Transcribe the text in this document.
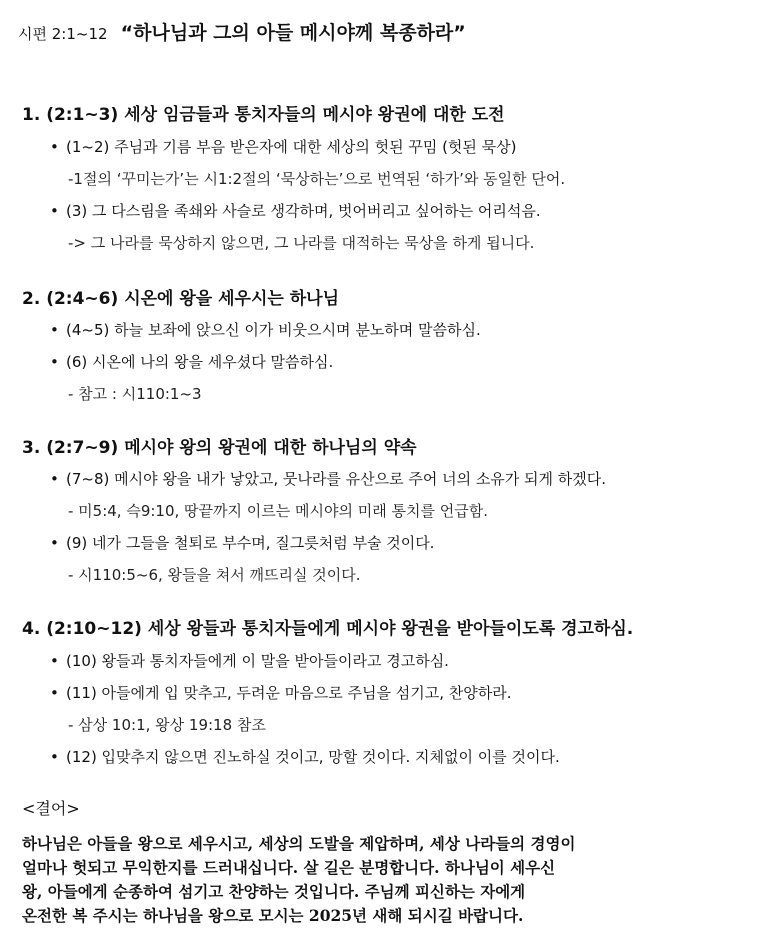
시편 2:1~12 “하나님과 그의 아들 메시야께 복종하라”
1. (2:1~3) 세상 임금들과 통치자들의 메시야 왕권에 대한 도전
• (1~2) 주님과 기름 부음 받은자에 대한 세상의 헛된 꾸밈 (헛된 묵상)
-1절의 ‘꾸미는가’는 시1:2절의 ‘묵상하는’으로 번역된 ‘하가’와 동일한 단어.
• (3) 그 다스림을 족쇄와 사슬로 생각하며, 벗어버리고 싶어하는 어리석음.
-> 그 나라를 묵상하지 않으면, 그 나라를 대적하는 묵상을 하게 됩니다.
2. (2:4~6) 시온에 왕을 세우시는 하나님
• (4~5) 하늘 보좌에 앉으신 이가 비웃으시며 분노하며 말씀하심.
• (6) 시온에 나의 왕을 세우셨다 말씀하심.
- 참고 : 시110:1~3
3. (2:7~9) 메시야 왕의 왕권에 대한 하나님의 약속
• (7~8) 메시야 왕을 내가 낳았고, 뭇나라를 유산으로 주어 너의 소유가 되게 하겠다.
- 미5:4, 슥9:10, 땅끝까지 이르는 메시야의 미래 통치를 언급함.
• (9) 네가 그들을 철퇴로 부수며, 질그릇처럼 부술 것이다.
- 시110:5~6, 왕들을 쳐서 깨뜨리실 것이다.
4. (2:10~12) 세상 왕들과 통치자들에게 메시야 왕권을 받아들이도록 경고하심.
• (10) 왕들과 통치자들에게 이 말을 받아들이라고 경고하심.
• (11) 아들에게 입 맞추고, 두려운 마음으로 주님을 섬기고, 찬양하라.
- 삼상 10:1, 왕상 19:18 참조
• (12) 입맞추지 않으면 진노하실 것이고, 망할 것이다. 지체없이 이를 것이다.
<결어>
하나님은 아들을 왕으로 세우시고, 세상의 도발을 제압하며, 세상 나라들의 경영이
얼마나 헛되고 무익한지를 드러내십니다. 살 길은 분명합니다. 하나님이 세우신
왕, 아들에게 순종하여 섬기고 찬양하는 것입니다. 주님께 피신하는 자에게
온전한 복 주시는 하나님을 왕으로 모시는 2025년 새해 되시길 바랍니다.
